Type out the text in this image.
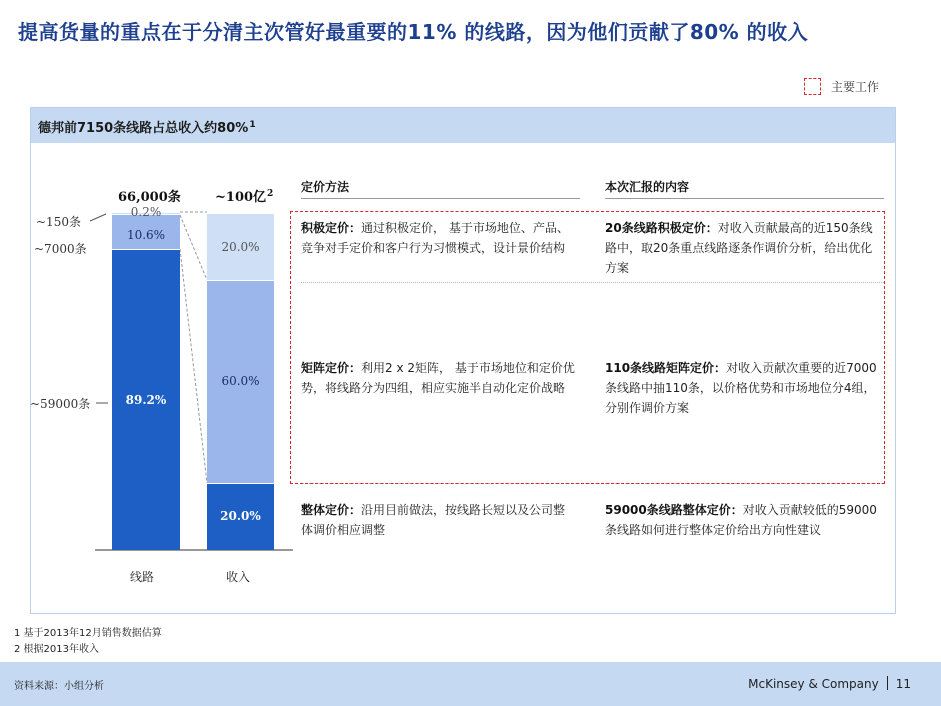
提高货量的重点在于分清主次管好最重要的11% 的线路，因为他们贡献了80% 的收入
主要工作
德邦前7150条线路占总收入约80%$^1$
66,000条	~100亿$^2$
~150条
~7000条
~59000条	89.2%
10.6%
0.2%
20.0%
60.0%
20.0%
线路	收入
定价方法	本次汇报的内容
积极定价：通过积极定价， 基于市场地位、产品、竞争对手定价和客户行为习惯模式，设计景价结构
20条线路积极定价：对收入贡献最高的近150条线路中，取20条重点线路逐条作调价分析，给出优化方案
矩阵定价：利用2 x 2矩阵， 基于市场地位和定价优势，将线路分为四组，相应实施半自动化定价战略
110条线路矩阵定价：对收入贡献次重要的近7000条线路中抽110条，以价格优势和市场地位分4组，分别作调价方案
整体定价：沿用目前做法，按线路长短以及公司整体调价相应调整
59000条线路整体定价：对收入贡献较低的59000条线路如何进行整体定价给出方向性建议
1 基于2013年12月销售数据估算
2 根据2013年收入
资料来源：小组分析	McKinsey & Company 11
